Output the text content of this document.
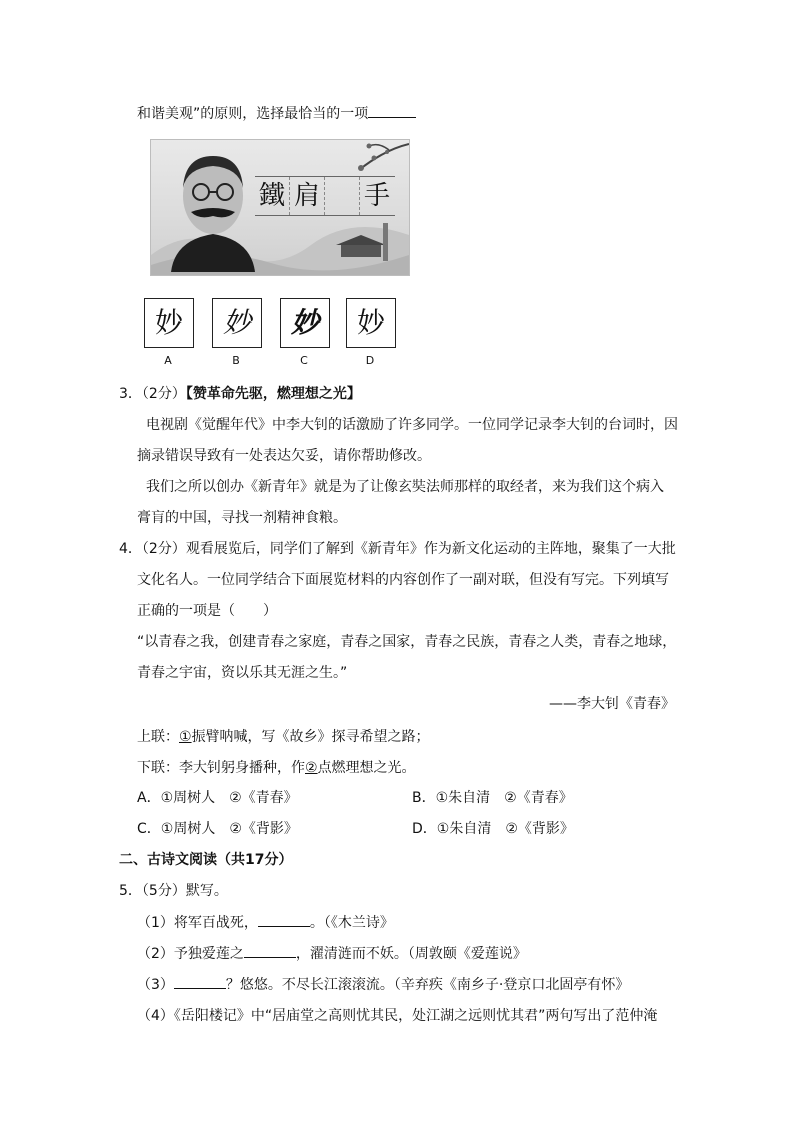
和谐美观”的原则，选择最恰当的一项
鐵 肩 手
妙	妙	妙	妙
A	B	C	D
3．（2分）【赞革命先驱，燃理想之光】
电视剧《觉醒年代》中李大钊的话激励了许多同学。一位同学记录李大钊的台词时，因
摘录错误导致有一处表达欠妥，请你帮助修改。
我们之所以创办《新青年》就是为了让像玄奘法师那样的取经者，来为我们这个病入
膏肓的中国，寻找一剂精神食粮。
4．（2分）观看展览后，同学们了解到《新青年》作为新文化运动的主阵地，聚集了一大批
文化名人。一位同学结合下面展览材料的内容创作了一副对联，但没有写完。下列填写
正确的一项是（　　）
“以青春之我，创建青春之家庭，青春之国家，青春之民族，青春之人类，青春之地球，
青春之宇宙，资以乐其无涯之生。”
——李大钊《青春》
上联：①振臂呐喊，写《故乡》探寻希望之路；
下联：李大钊躬身播种，作②点燃理想之光。
A．①周树人　②《青春》	B．①朱自清　②《青春》
C．①周树人　②《背影》	D．①朱自清　②《背影》
二、古诗文阅读（共17分）
5．（5分）默写。
（1）将军百战死，	。（《木兰诗》
（2）予独爱莲之	，濯清涟而不妖。（周敦颐《爱莲说》
（3）	？悠悠。不尽长江滚滚流。（辛弃疾《南乡子·登京口北固亭有怀》
（4）《岳阳楼记》中“居庙堂之高则忧其民，处江湖之远则忧其君”两句写出了范仲淹
